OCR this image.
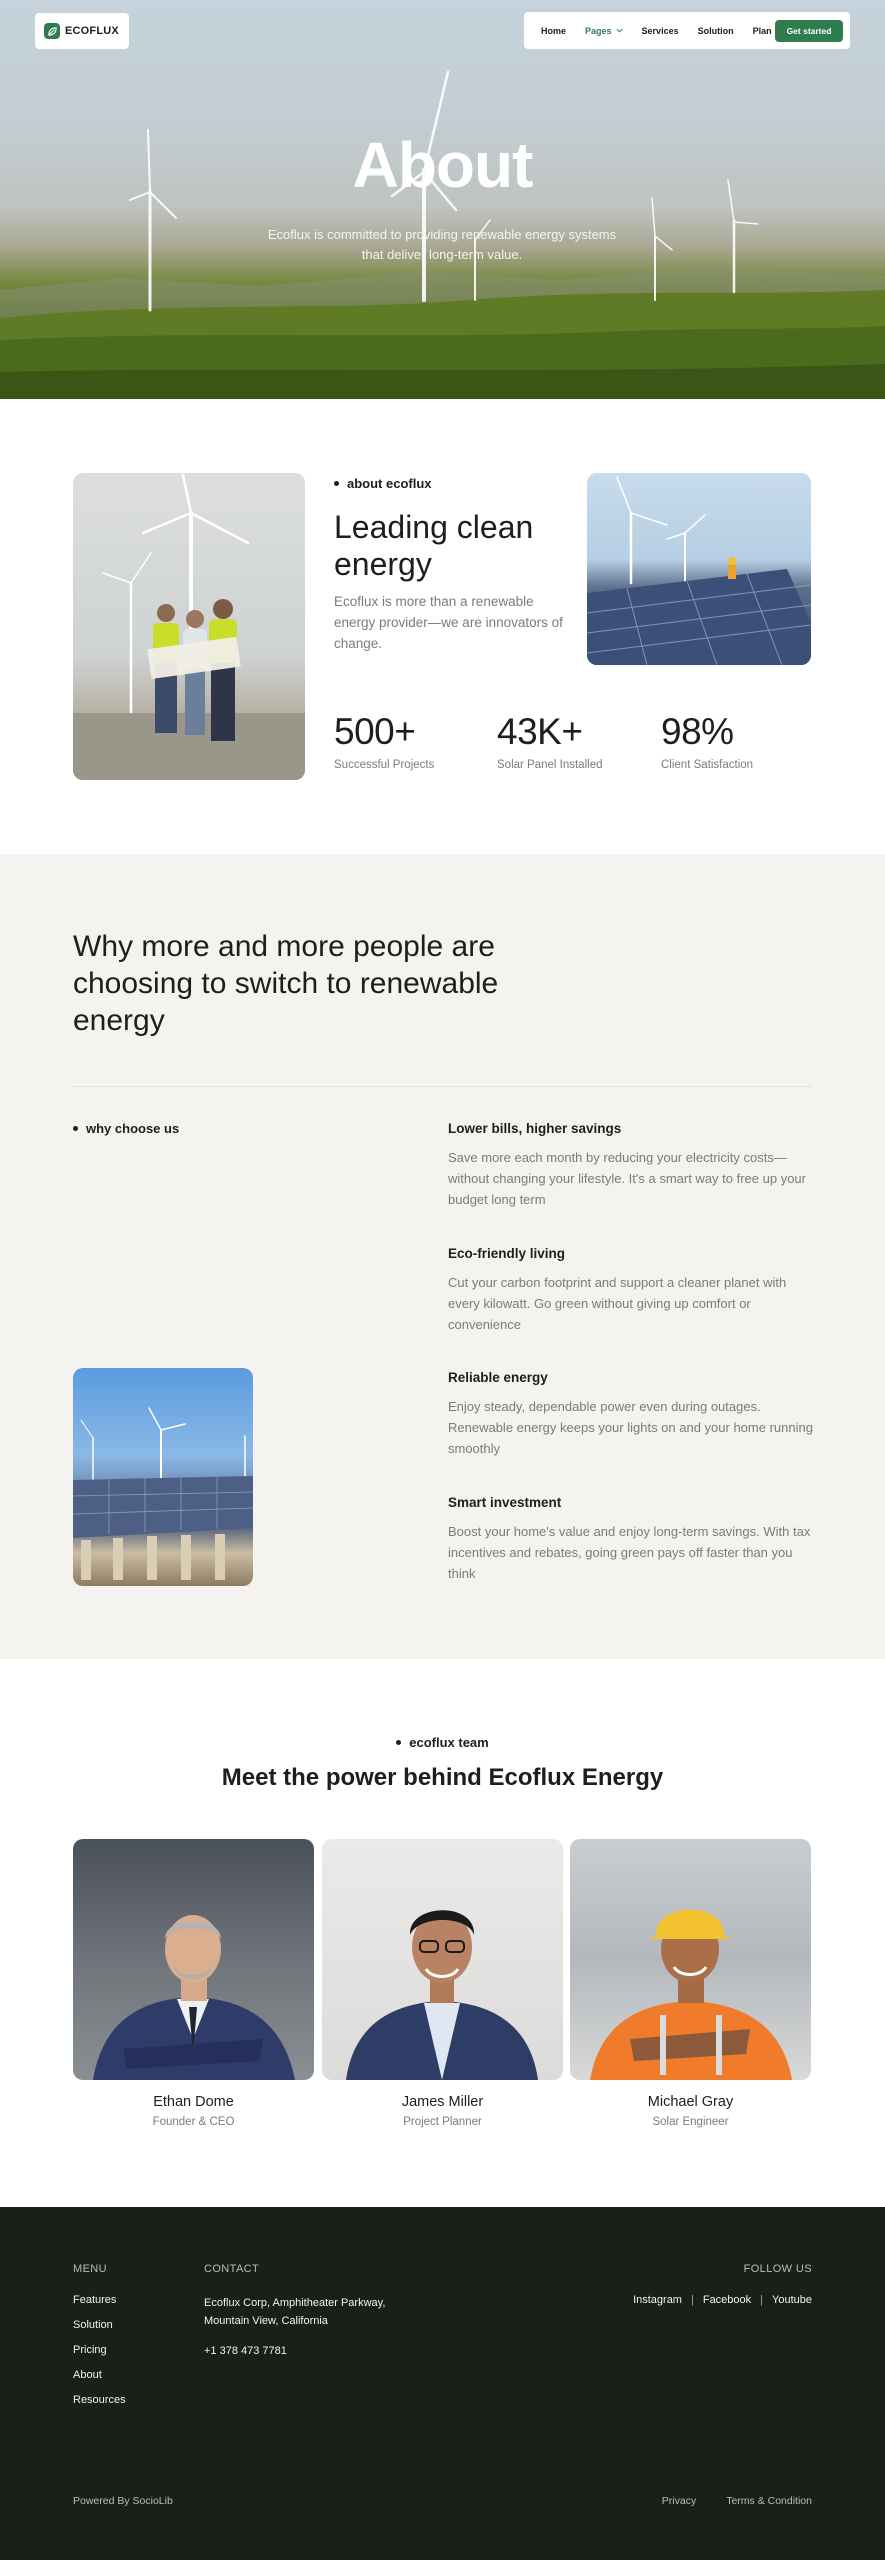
ECOFLUX	Home Pages	Services Solution Plan	Get started
About

Ecoflux is committed to providing renewable energy systems that deliver long-term value.

about ecoflux
Leading clean energy

Ecoflux is more than a renewable energy provider—we are innovators of change.

500+
Successful Projects
43K+
Solar Panel Installed
98%
Client Satisfaction
Why more and more people are choosing to switch to renewable energy
why choose us	Lower bills, higher savings

Save more each month by reducing your electricity costs—without changing your lifestyle. It's a smart way to free up your budget long term

Eco-friendly living

Cut your carbon footprint and support a cleaner planet with every kilowatt. Go green without giving up comfort or convenience

Reliable energy

Enjoy steady, dependable power even during outages. Renewable energy keeps your lights on and your home running smoothly

Smart investment

Boost your home's value and enjoy long-term savings. With tax incentives and rebates, going green pays off faster than you think

ecoflux team
Meet the power behind Ecoflux Energy
Ethan Dome
Founder & CEO
James Miller
Project Planner
Michael Gray
Solar Engineer
MENU
Features
Solution
Pricing
About
Resources
CONTACT
Ecoflux Corp, Amphitheater Parkway, Mountain View, California
+1 378 473 7781
FOLLOW US
Instagram | Facebook | Youtube
Powered By SocioLib	Privacy	Terms & Condition
